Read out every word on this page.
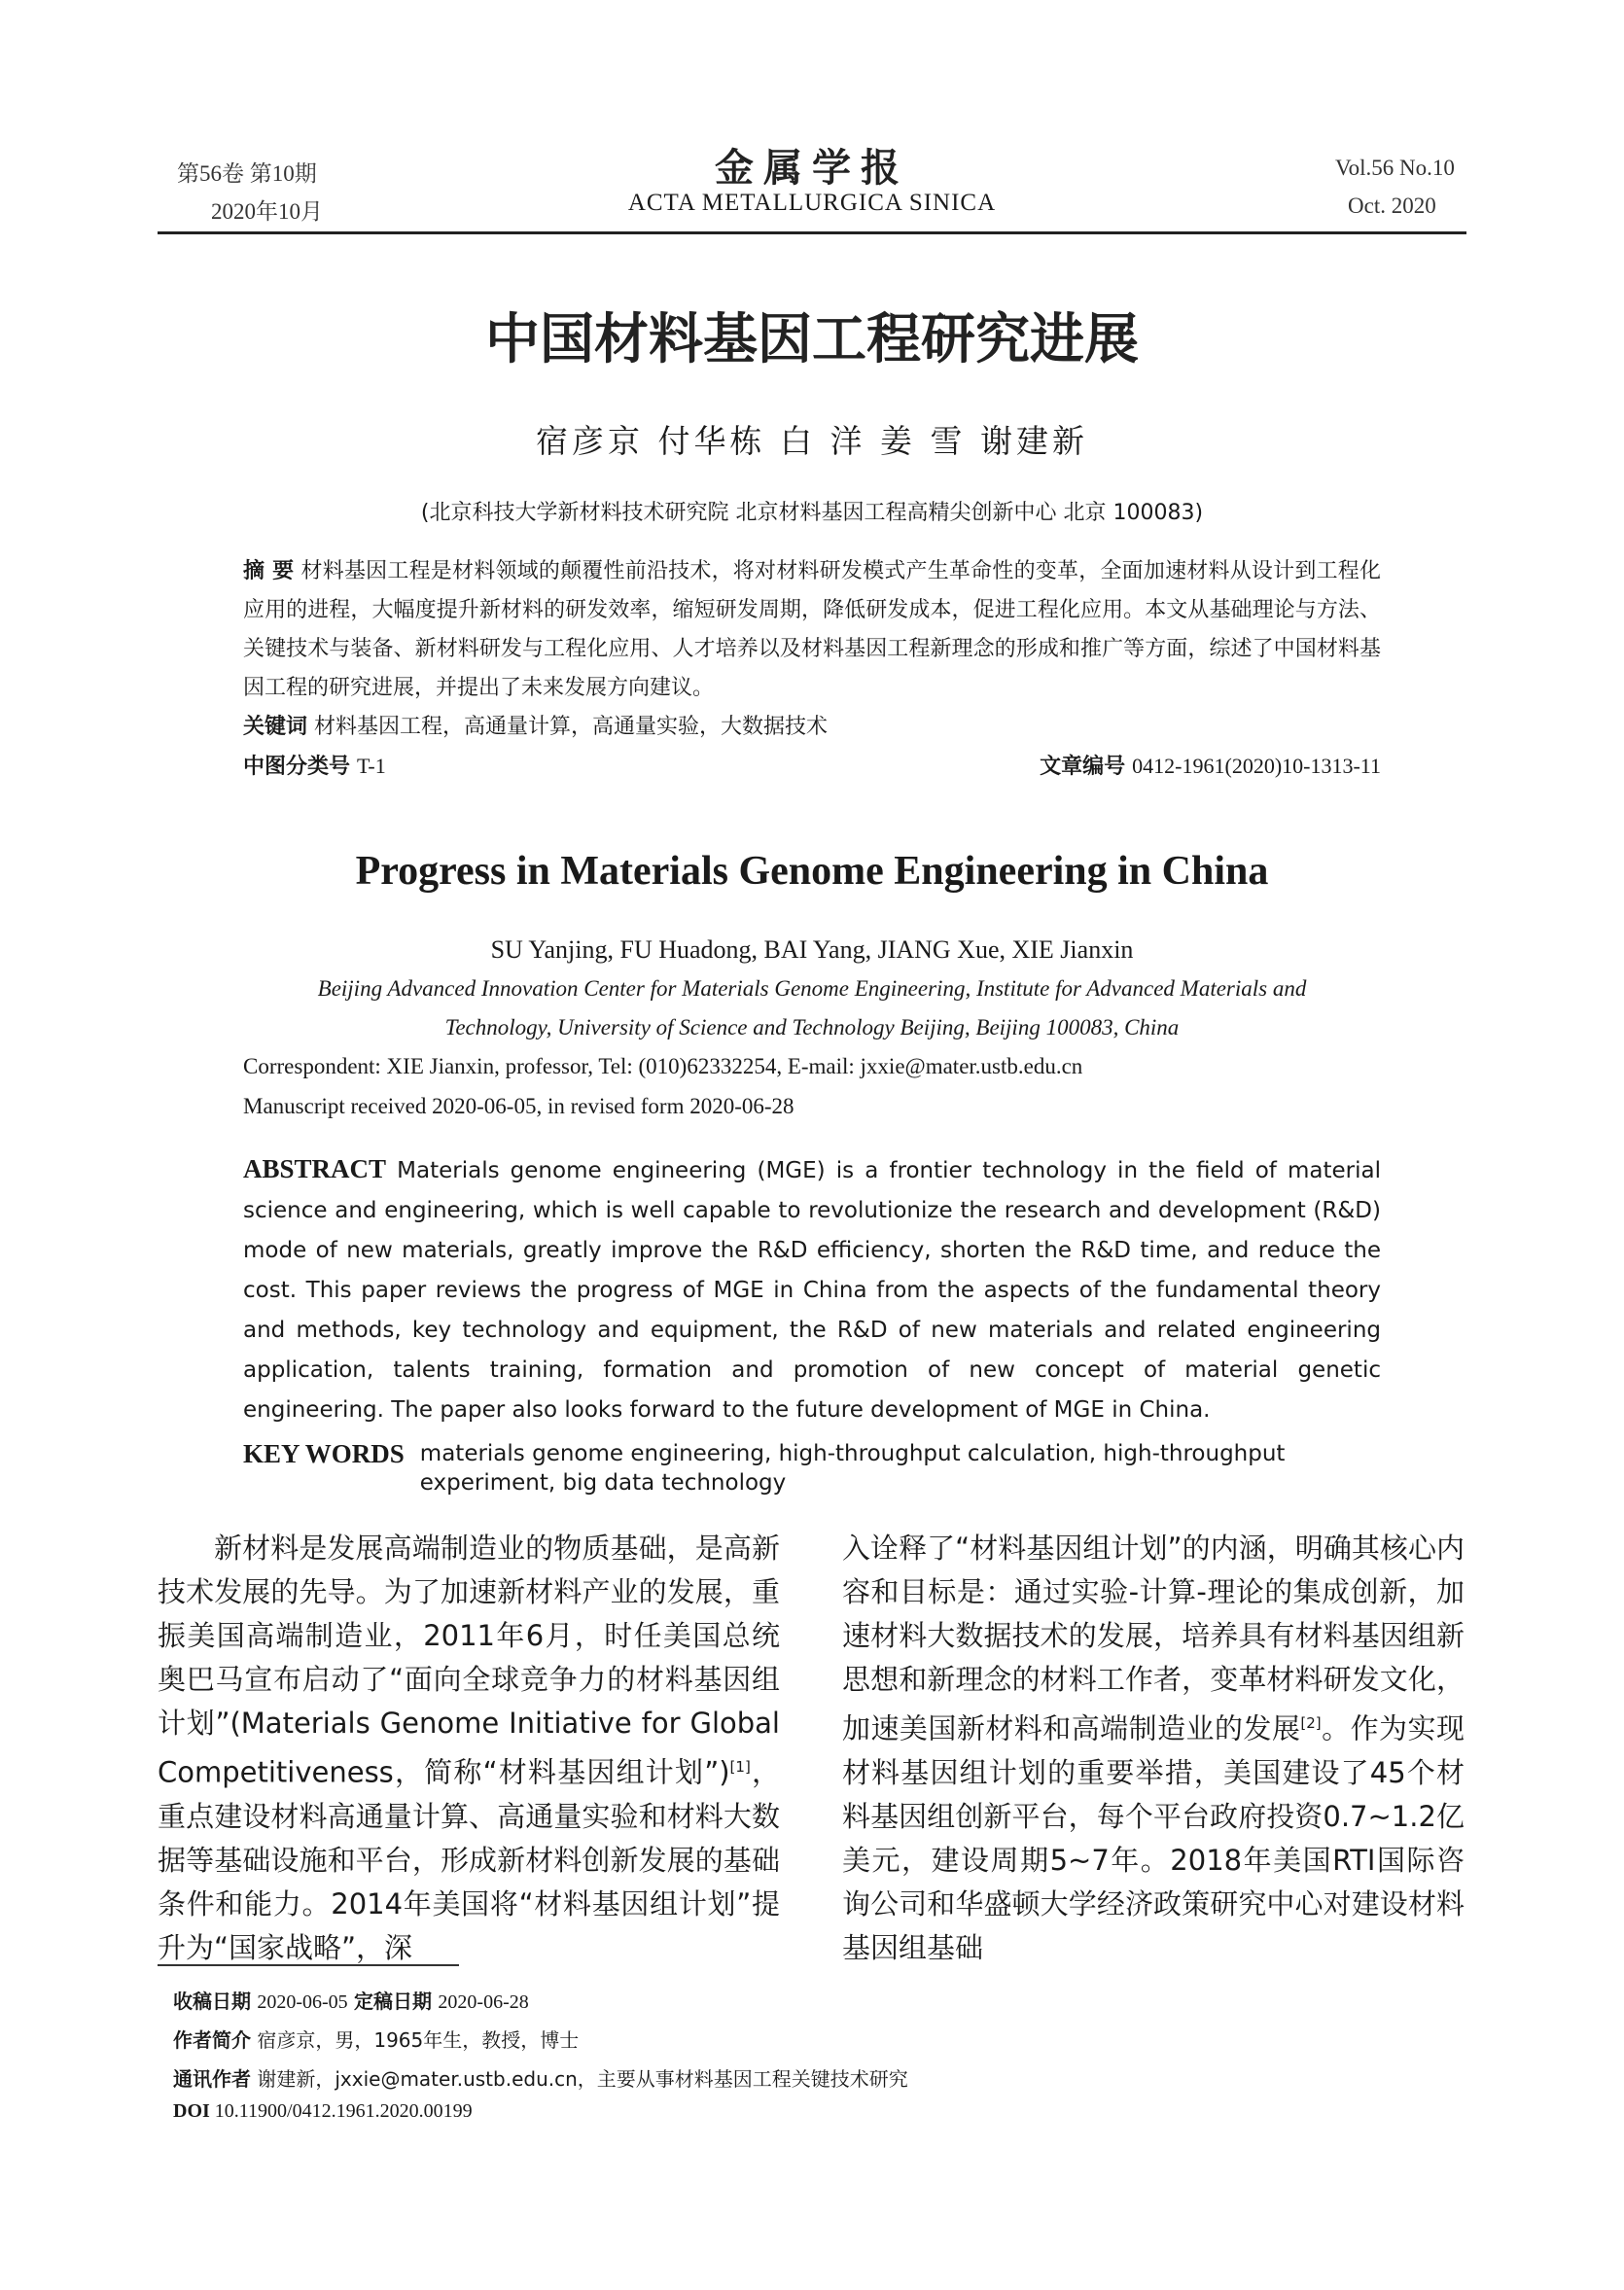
第56卷 第10期
2020年10月
金属学报
ACTA METALLURGICA SINICA
Vol.56 No.10
Oct. 2020
中国材料基因工程研究进展
宿彦京 付华栋 白 洋 姜 雪 谢建新
(北京科技大学新材料技术研究院 北京材料基因工程高精尖创新中心 北京 100083)
摘 要 材料基因工程是材料领域的颠覆性前沿技术，将对材料研发模式产生革命性的变革，全面加速材料从设计到工程化应用的进程，大幅度提升新材料的研发效率，缩短研发周期，降低研发成本，促进工程化应用。本文从基础理论与方法、关键技术与装备、新材料研发与工程化应用、人才培养以及材料基因工程新理念的形成和推广等方面，综述了中国材料基因工程的研究进展，并提出了未来发展方向建议。
关键词 材料基因工程，高通量计算，高通量实验，大数据技术
中图分类号 T-1	文章编号 0412-1961(2020)10-1313-11
Progress in Materials Genome Engineering in China
SU Yanjing, FU Huadong, BAI Yang, JIANG Xue, XIE Jianxin
Beijing Advanced Innovation Center for Materials Genome Engineering, Institute for Advanced Materials and
Technology, University of Science and Technology Beijing, Beijing 100083, China
Correspondent: XIE Jianxin, professor, Tel: (010)62332254, E-mail: jxxie@mater.ustb.edu.cn
Manuscript received 2020-06-05, in revised form 2020-06-28
ABSTRACT Materials genome engineering (MGE) is a frontier technology in the field of material science and engineering, which is well capable to revolutionize the research and development (R&D) mode of new materials, greatly improve the R&D efficiency, shorten the R&D time, and reduce the cost. This paper reviews the progress of MGE in China from the aspects of the fundamental theory and methods, key technology and equipment, the R&D of new materials and related engineering application, talents training, formation and promotion of new concept of material genetic engineering. The paper also looks forward to the future development of MGE in China.
KEY WORDS materials genome engineering, high-throughput calculation, high-throughput experiment, big data technology
新材料是发展高端制造业的物质基础，是高新技术发展的先导。为了加速新材料产业的发展，重振美国高端制造业，2011年6月，时任美国总统奥巴马宣布启动了“面向全球竞争力的材料基因组计划”(Materials Genome Initiative for Global Competitiveness，简称“材料基因组计划”)[1]，重点建设材料高通量计算、高通量实验和材料大数据等基础设施和平台，形成新材料创新发展的基础条件和能力。2014年美国将“材料基因组计划”提升为“国家战略”，深
入诠释了“材料基因组计划”的内涵，明确其核心内容和目标是：通过实验-计算-理论的集成创新，加速材料大数据技术的发展，培养具有材料基因组新思想和新理念的材料工作者，变革材料研发文化，加速美国新材料和高端制造业的发展[2]。作为实现材料基因组计划的重要举措，美国建设了45个材料基因组创新平台，每个平台政府投资0.7~1.2亿美元，建设周期5~7年。2018年美国RTI国际咨询公司和华盛顿大学经济政策研究中心对建设材料基因组基础
收稿日期 2020-06-05 定稿日期 2020-06-28
作者简介 宿彦京，男，1965年生，教授，博士
通讯作者 谢建新，jxxie@mater.ustb.edu.cn，主要从事材料基因工程关键技术研究
DOI 10.11900/0412.1961.2020.00199
